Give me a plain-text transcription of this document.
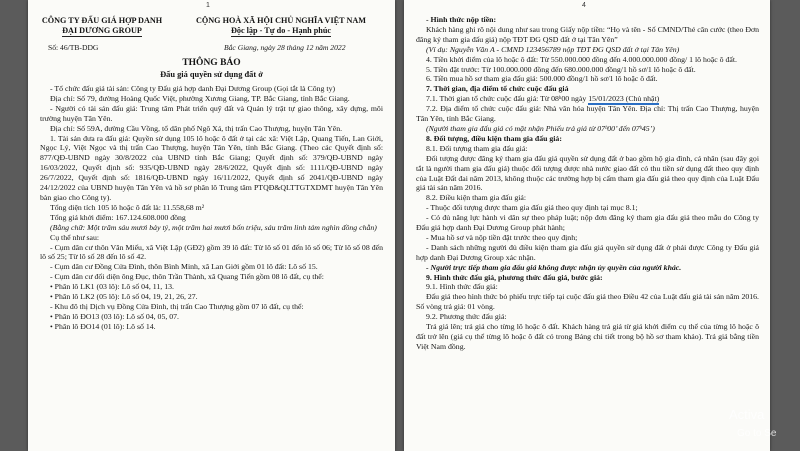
1
CÔNG TY ĐẤU GIÁ HỢP DANH
ĐẠI DƯƠNG GROUP
CỘNG HOÀ XÃ HỘI CHỦ NGHĨA VIỆT NAM
Độc lập - Tự do - Hạnh phúc
Số: 46/TB-DDG	Bắc Giang, ngày 28 tháng 12 năm 2022
THÔNG BÁO
Đấu giá quyền sử dụng đất ở

- Tổ chức đấu giá tài sản: Công ty Đấu giá hợp danh Đại Dương Group (Gọi tắt là Công ty)

Địa chỉ: Số 79, đường Hoàng Quốc Việt, phường Xương Giang, TP. Bắc Giang, tỉnh Bắc Giang.

- Người có tài sản đấu giá: Trung tâm Phát triển quỹ đất và Quản lý trật tự giao thông, xây dựng, môi trường huyện Tân Yên.

Địa chỉ: Số 59A, đường Cầu Vồng, tổ dân phố Ngô Xá, thị trấn Cao Thượng, huyện Tân Yên.

1. Tài sản đưa ra đấu giá: Quyền sử dụng 105 lô hoặc ô đất ở tại các xã: Việt Lập, Quang Tiến, Lan Giới, Ngọc Lý, Việt Ngọc và thị trấn Cao Thượng, huyện Tân Yên, tỉnh Bắc Giang. (Theo các Quyết định số: 877/QĐ-UBND ngày 30/8/2022 của UBND tỉnh Bắc Giang; Quyết định số: 379/QĐ-UBND ngày 16/03/2022, Quyết định số: 935/QĐ-UBND ngày 28/6/2022, Quyết định số: 1111/QĐ-UBND ngày 26/7/2022, Quyết định số: 1816/QĐ-UBND ngày 16/11/2022, Quyết định số 2041/QĐ-UBND ngày 24/12/2022 của UBND huyện Tân Yên và hồ sơ phân lô Trung tâm PTQĐ&QLTTGTXDMT huyện Tân Yên bàn giao cho Công ty).

Tổng diện tích 105 lô hoặc ô đất là: 11.558,68 m²

Tổng giá khởi điểm: 167.124.608.000 đồng

(Bằng chữ: Một trăm sáu mươi bảy tỷ, một trăm hai mươi bốn triệu, sáu trăm linh tám nghìn đồng chẵn)

Cụ thể như sau:

- Cụm dân cư thôn Văn Miếu, xã Việt Lập (GĐ2) gồm 39 lô đất: Từ lô số 01 đến lô số 06; Từ lô số 08 đến lô số 25; Từ lô số 28 đến lô số 42.

- Cụm dân cư Đồng Cửa Đình, thôn Bình Minh, xã Lan Giới gồm 01 lô đất: Lô số 15.

- Cụm dân cư đối diện ông Đục, thôn Trần Thành, xã Quang Tiến gồm 08 lô đất, cụ thể:

• Phân lô LK1 (03 lô): Lô số 04, 11, 13.

• Phân lô LK2 (05 lô): Lô số 04, 19, 21, 26, 27.

- Khu đô thị Dịch vụ Đồng Cửa Đình, thị trấn Cao Thượng gồm 07 lô đất, cụ thể:

• Phân lô ĐO13 (03 lô): Lô số 04, 05, 07.

• Phân lô ĐO14 (01 lô): Lô số 14.

4

- Hình thức nộp tiền:

Khách hàng ghi rõ nội dung như sau trong Giấy nộp tiền: “Họ và tên - Số CMND/Thẻ căn cước (theo Đơn đăng ký tham gia đấu giá) nộp TĐT ĐG QSD đất ở tại Tân Yên”

(Ví dụ: Nguyễn Văn A - CMND 123456789 nộp TĐT ĐG QSD đất ở tại Tân Yên)

4. Tiền khởi điểm của lô hoặc ô đất: Từ 550.000.000 đồng đến 4.000.000.000 đồng/ 1 lô hoặc ô đất.

5. Tiền đặt trước: Từ 100.000.000 đồng đến 680.000.000 đồng/1 hồ sơ/1 lô hoặc ô đất.

6. Tiền mua hồ sơ tham gia đấu giá: 500.000 đồng/1 hồ sơ/1 lô hoặc ô đất.

7. Thời gian, địa điểm tổ chức cuộc đấu giá

7.1. Thời gian tổ chức cuộc đấu giá: Từ 08ʰ00 ngày 15/01/2023 (Chủ nhật)

7.2. Địa điểm tổ chức cuộc đấu giá: Nhà văn hóa huyện Tân Yên. Địa chỉ: Thị trấn Cao Thượng, huyện Tân Yên, tỉnh Bắc Giang.

(Người tham gia đấu giá có mặt nhận Phiếu trả giá từ 07ʰ00’ đến 07ʰ45’)

8. Đối tượng, điều kiện tham gia đấu giá:

8.1. Đối tượng tham gia đấu giá:

Đối tượng được đăng ký tham gia đấu giá quyền sử dụng đất ở bao gồm hộ gia đình, cá nhân (sau đây gọi tắt là người tham gia đấu giá) thuộc đối tượng được nhà nước giao đất có thu tiền sử dụng đất theo quy định của Luật Đất đai năm 2013, không thuộc các trường hợp bị cấm tham gia đấu giá theo quy định của Luật Đấu giá tài sản năm 2016.

8.2. Điều kiện tham gia đấu giá:

- Thuộc đối tượng được tham gia đấu giá theo quy định tại mục 8.1;

- Có đủ năng lực hành vi dân sự theo pháp luật; nộp đơn đăng ký tham gia đấu giá theo mẫu do Công ty Đấu giá hợp danh Đại Dương Group phát hành;

- Mua hồ sơ và nộp tiền đặt trước theo quy định;

- Danh sách những người đủ điều kiện tham gia đấu giá quyền sử dụng đất ở phải được Công ty Đấu giá hợp danh Đại Dương Group xác nhận.

- Người trực tiếp tham gia đấu giá không được nhận ủy quyền của người khác.

9. Hình thức đấu giá, phương thức đấu giá, bước giá:

9.1. Hình thức đấu giá:

Đấu giá theo hình thức bỏ phiếu trực tiếp tại cuộc đấu giá theo Điều 42 của Luật đấu giá tài sản năm 2016. Số vòng trả giá: 01 vòng.

9.2. Phương thức đấu giá:

Trả giá lên; trả giá cho từng lô hoặc ô đất. Khách hàng trả giá từ giá khởi điểm cụ thể của từng lô hoặc ô đất trở lên (giá cụ thể từng lô hoặc ô đất có trong Bảng chi tiết trong bộ hồ sơ tham khảo). Trả giá bằng tiền Việt Nam đồng.

Activa
Go to Se
